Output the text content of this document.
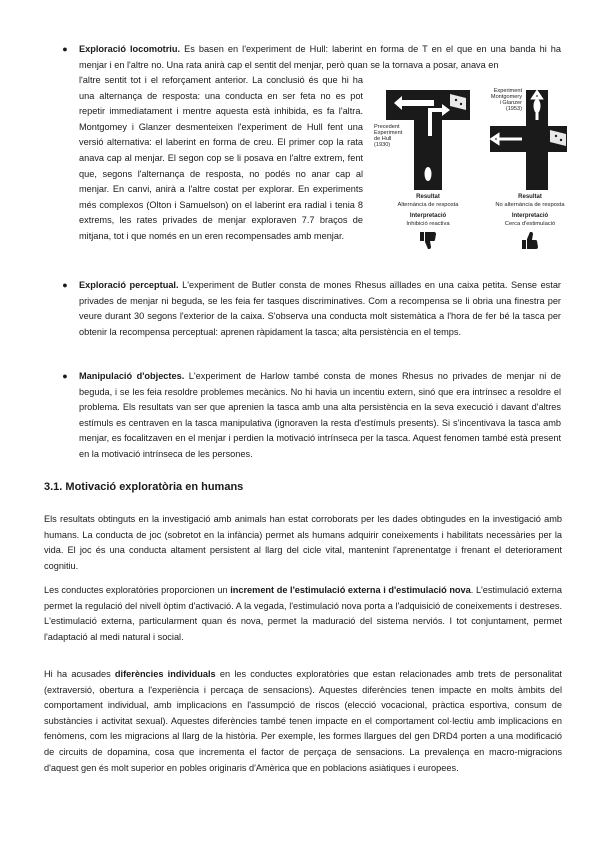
● Exploració locomotriu. Es basen en l'experiment de Hull: laberint en forma de T en el que en una banda hi ha menjar i en l'altre no. Una rata anirà cap el sentit del menjar, però quan se la tornava a posar, anava en
l'altre sentit tot i el reforçament anterior. La conclusió és que hi ha una alternança de resposta: una conducta en ser feta no es pot repetir immediatament i mentre aquesta està inhibida, es fa l'altra. Montgomey i Glanzer desmenteixen l'experiment de Hull fent una versió alternativa: el laberint en forma de creu. El primer cop la rata anava cap al menjar. El segon cop se li posava en l'altre extrem, fent que, segons l'alternança de resposta, no podés no anar cap al menjar. En canvi, anirà a l'altre costat per explorar. En experiments més complexos (Olton i Samuelson) on el laberint era radial i tenia 8 extrems, les rates privades de menjar exploraven 7.7 braços de mitjana, tot i que només en un eren recompensades amb menjar.
Precedent
Experiment
de Hull
(1930)
Experiment
Montgomery
i Glanzer
(1953)
Resultat
Alternància de resposta
Interpretació
Inhibició reactiva
Resultat
No alternància de resposta
Interpretació
Cerca d'estimulació
● Exploració perceptual. L'experiment de Butler consta de mones Rhesus aïllades en una caixa petita. Sense estar privades de menjar ni beguda, se les feia fer tasques discriminatives. Com a recompensa se li obria una finestra per veure durant 30 segons l'exterior de la caixa. S'observa una conducta molt sistemàtica a l'hora de fer bé la tasca per obtenir la recompensa perceptual: aprenen ràpidament la tasca; alta persistència en el temps.
● Manipulació d'objectes. L'experiment de Harlow també consta de mones Rhesus no privades de menjar ni de beguda, i se les feia resoldre problemes mecànics. No hi havia un incentiu extern, sinó que era intrínsec a resoldre el problema. Els resultats van ser que aprenien la tasca amb una alta persistència en la seva execució i davant d'altres estímuls es centraven en la tasca manipulativa (ignoraven la resta d'estímuls presents). Si s'incentivava la tasca amb menjar, es focalitzaven en el menjar i perdien la motivació intrínseca per la tasca. Aquest fenomen també està present en la motivació intrínseca de les persones.
3.1. Motivació exploratòria en humans
Els resultats obtinguts en la investigació amb animals han estat corroborats per les dades obtingudes en la investigació amb humans. La conducta de joc (sobretot en la infància) permet als humans adquirir coneixements i habilitats necessàries per la vida. El joc és una conducta altament persistent al llarg del cicle vital, mantenint l'aprenentatge i frenant el deteriorament cognitiu.
Les conductes exploratòries proporcionen un increment de l'estimulació externa i d'estimulació nova. L'estimulació externa permet la regulació del nivell òptim d'activació. A la vegada, l'estimulació nova porta a l'adquisició de coneixements i destreses. L'estimulació externa, particularment quan és nova, permet la maduració del sistema nerviós. I tot conjuntament, permet l'adaptació al medi natural i social.
Hi ha acusades diferències individuals en les conductes exploratòries que estan relacionades amb trets de personalitat (extraversió, obertura a l'experiència i percaça de sensacions). Aquestes diferències tenen impacte en molts àmbits del comportament individual, amb implicacions en l'assumpció de riscos (elecció vocacional, pràctica esportiva, consum de substàncies i activitat sexual). Aquestes diferències també tenen impacte en el comportament col·lectiu amb implicacions en fenòmens, com les migracions al llarg de la història. Per exemple, les formes llargues del gen DRD4 porten a una modificació de circuits de dopamina, cosa que incrementa el factor de perçaça de sensacions. La prevalença en macro-migracions d'aquest gen és molt superior en pobles originaris d'Amèrica que en poblacions asiàtiques i europees.
